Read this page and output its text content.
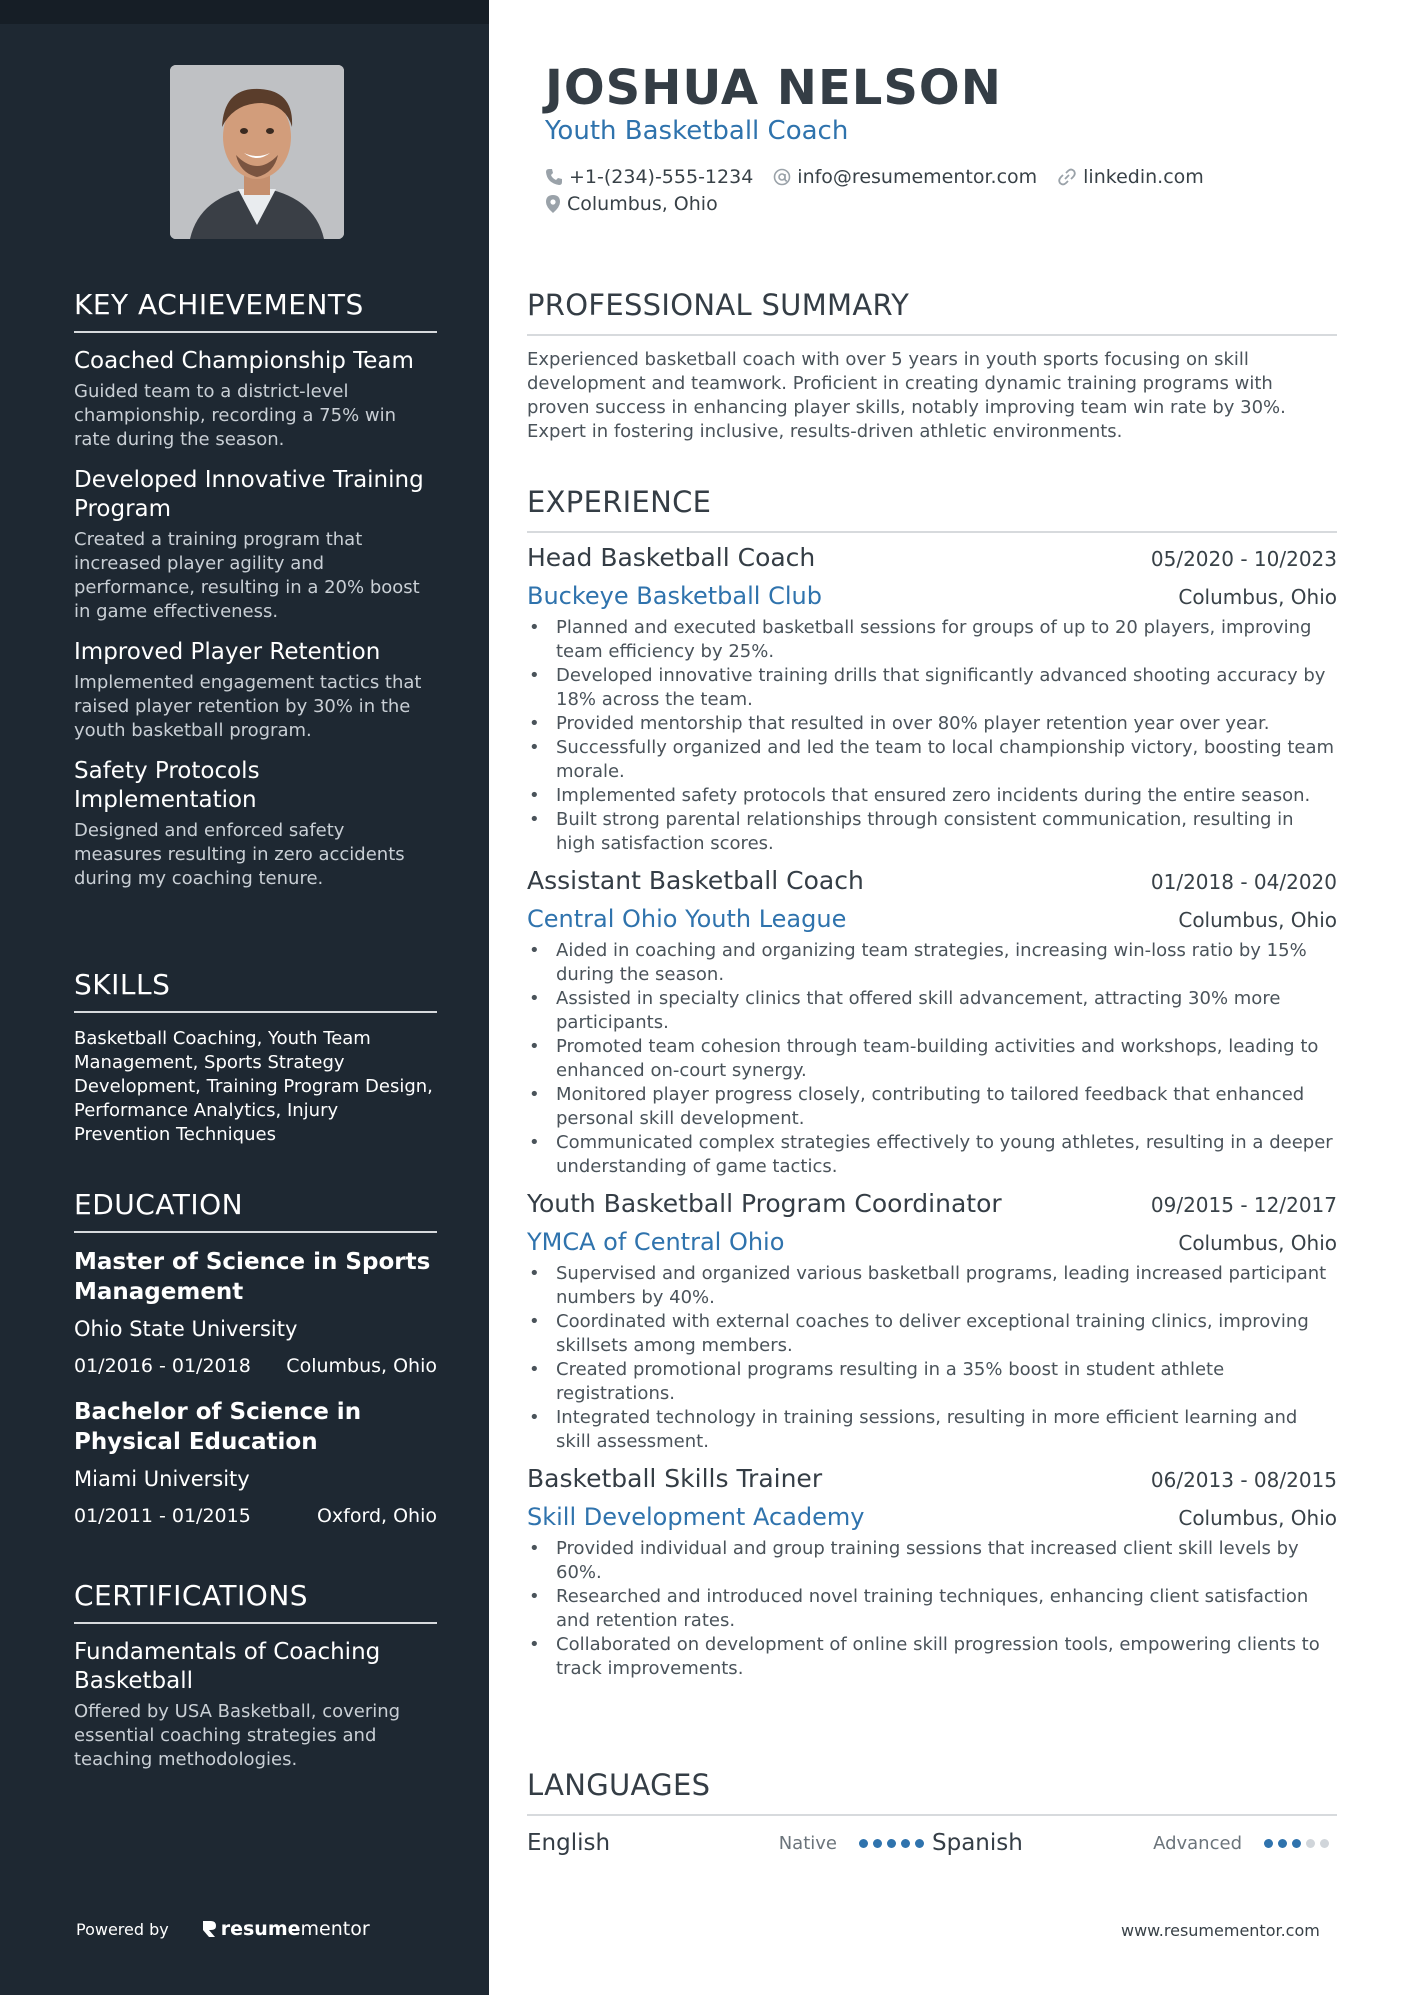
KEY ACHIEVEMENTS
Coached Championship Team
Guided team to a district-level championship, recording a 75% win rate during the season.
Developed Innovative Training Program
Created a training program that increased player agility and performance, resulting in a 20% boost in game effectiveness.
Improved Player Retention
Implemented engagement tactics that raised player retention by 30% in the youth basketball program.
Safety Protocols Implementation
Designed and enforced safety measures resulting in zero accidents during my coaching tenure.
SKILLS
Basketball Coaching, Youth Team Management, Sports Strategy Development, Training Program Design, Performance Analytics, Injury Prevention Techniques
EDUCATION
Master of Science in Sports Management
Ohio State University
01/2016 - 01/2018 Columbus, Ohio
Bachelor of Science in Physical Education
Miami University
01/2011 - 01/2015	Oxford, Ohio
CERTIFICATIONS
Fundamentals of Coaching Basketball
Offered by USA Basketball, covering essential coaching strategies and teaching methodologies.
Powered by	resume mentor
JOSHUA NELSON
Youth Basketball Coach
+1-(234)-555-1234 info@resumementor.com linkedin.com
Columbus, Ohio
PROFESSIONAL SUMMARY
Experienced basketball coach with over 5 years in youth sports focusing on skill development and teamwork. Proficient in creating dynamic training programs with proven success in enhancing player skills, notably improving team win rate by 30%. Expert in fostering inclusive, results-driven athletic environments.
EXPERIENCE
Head Basketball Coach	05/2020 - 10/2023
Buckeye Basketball Club	Columbus, Ohio
• Planned and executed basketball sessions for groups of up to 20 players, improving team efficiency by 25%.
• Developed innovative training drills that significantly advanced shooting accuracy by 18% across the team.
• Provided mentorship that resulted in over 80% player retention year over year.
• Successfully organized and led the team to local championship victory, boosting team morale.
• Implemented safety protocols that ensured zero incidents during the entire season.
• Built strong parental relationships through consistent communication, resulting in high satisfaction scores.
Assistant Basketball Coach	01/2018 - 04/2020
Central Ohio Youth League	Columbus, Ohio
• Aided in coaching and organizing team strategies, increasing win-loss ratio by 15% during the season.
• Assisted in specialty clinics that offered skill advancement, attracting 30% more participants.
• Promoted team cohesion through team-building activities and workshops, leading to enhanced on-court synergy.
• Monitored player progress closely, contributing to tailored feedback that enhanced personal skill development.
• Communicated complex strategies effectively to young athletes, resulting in a deeper understanding of game tactics.
Youth Basketball Program Coordinator	09/2015 - 12/2017
YMCA of Central Ohio	Columbus, Ohio
• Supervised and organized various basketball programs, leading increased participant numbers by 40%.
• Coordinated with external coaches to deliver exceptional training clinics, improving skillsets among members.
• Created promotional programs resulting in a 35% boost in student athlete registrations.
• Integrated technology in training sessions, resulting in more efficient learning and skill assessment.
Basketball Skills Trainer	06/2013 - 08/2015
Skill Development Academy	Columbus, Ohio
• Provided individual and group training sessions that increased client skill levels by 60%.
• Researched and introduced novel training techniques, enhancing client satisfaction and retention rates.
• Collaborated on development of online skill progression tools, empowering clients to track improvements.
LANGUAGES
English	Native	Spanish	Advanced
www.resumementor.com
